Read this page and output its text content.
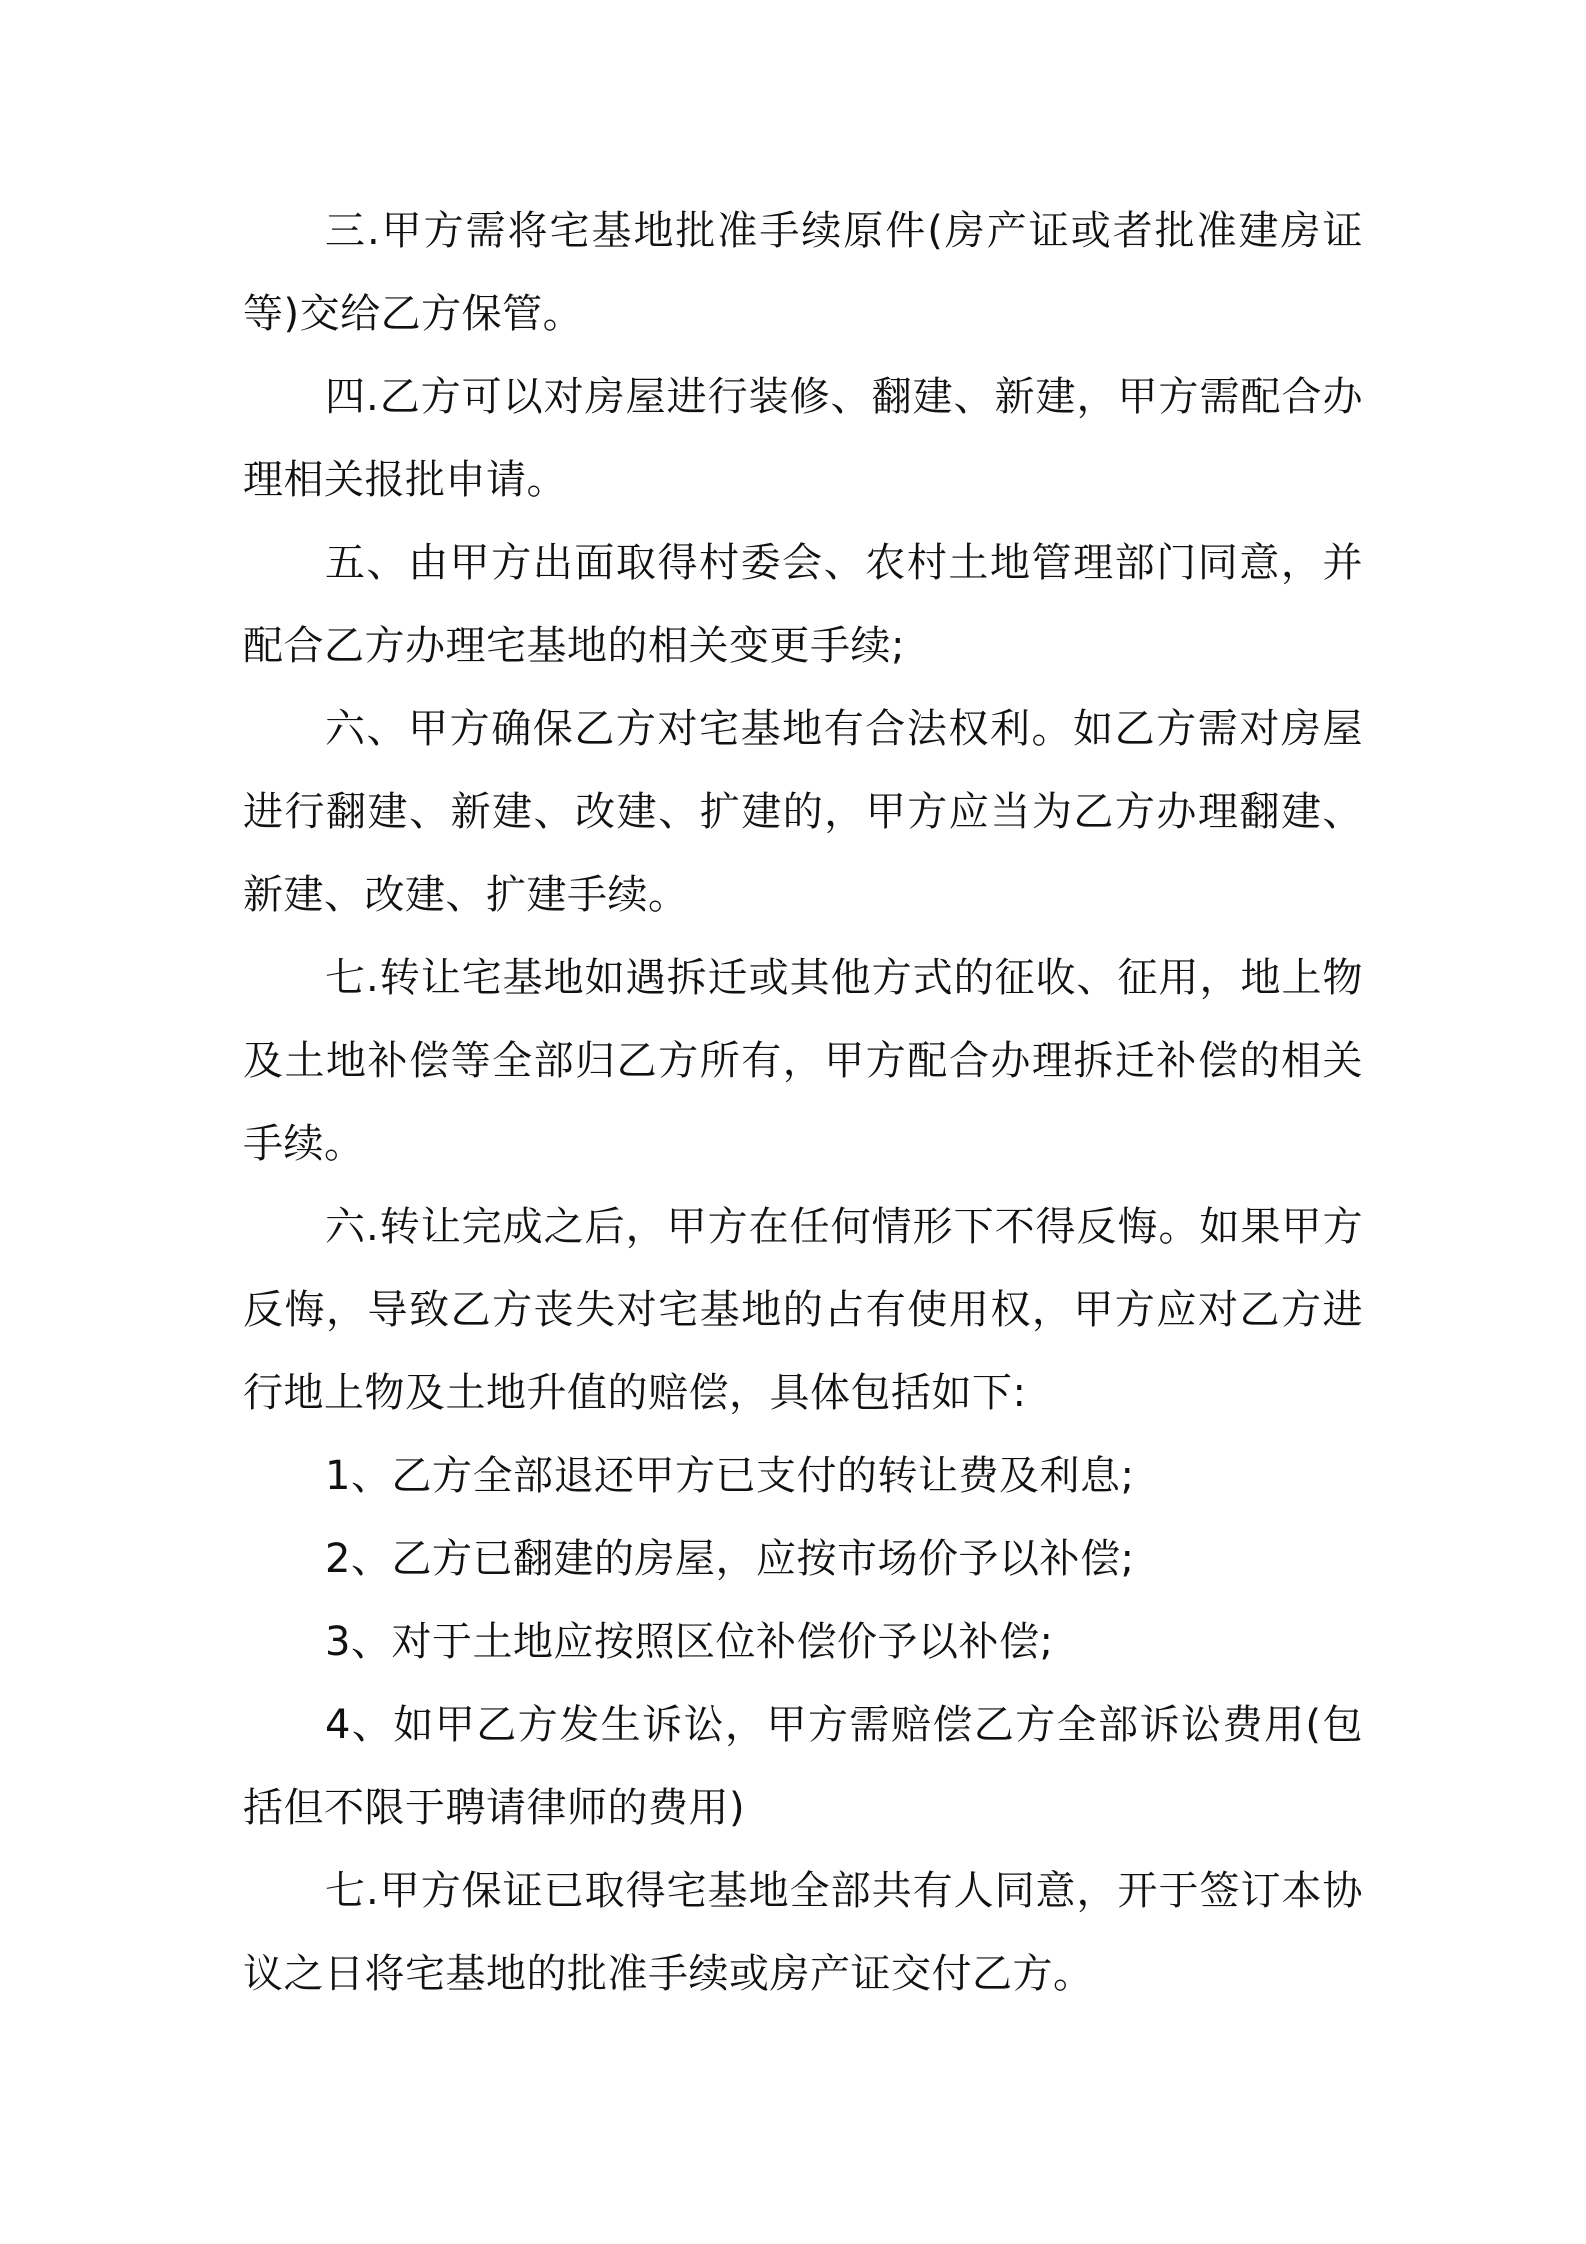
三.甲方需将宅基地批准手续原件(房产证或者批准建房证等)交给乙方保管。

四.乙方可以对房屋进行装修、翻建、新建，甲方需配合办理相关报批申请。

五、由甲方出面取得村委会、农村土地管理部门同意，并配合乙方办理宅基地的相关变更手续;

六、甲方确保乙方对宅基地有合法权利。如乙方需对房屋进行翻建、新建、改建、扩建的，甲方应当为乙方办理翻建、新建、改建、扩建手续。

七.转让宅基地如遇拆迁或其他方式的征收、征用，地上物及土地补偿等全部归乙方所有，甲方配合办理拆迁补偿的相关手续。

六.转让完成之后，甲方在任何情形下不得反悔。如果甲方反悔，导致乙方丧失对宅基地的占有使用权，甲方应对乙方进行地上物及土地升值的赔偿，具体包括如下:

1、乙方全部退还甲方已支付的转让费及利息;

2、乙方已翻建的房屋，应按市场价予以补偿;

3、对于土地应按照区位补偿价予以补偿;

4、如甲乙方发生诉讼，甲方需赔偿乙方全部诉讼费用(包括但不限于聘请律师的费用)

七.甲方保证已取得宅基地全部共有人同意，开于签订本协议之日将宅基地的批准手续或房产证交付乙方。
